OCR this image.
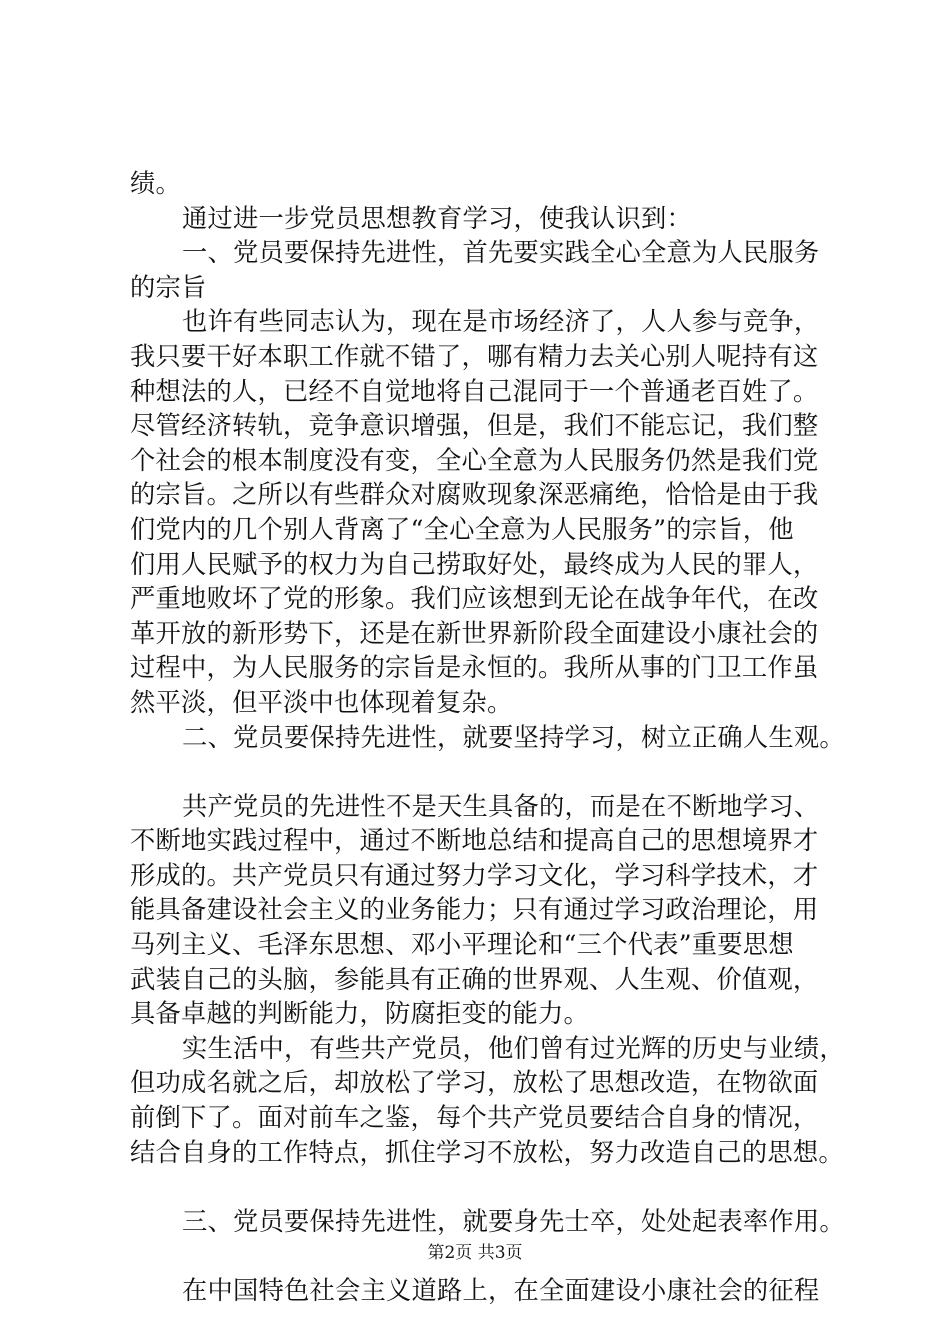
绩。
通过进一步党员思想教育学习，使我认识到：
一、党员要保持先进性，首先要实践全心全意为人民服务
的宗旨
也许有些同志认为，现在是市场经济了，人人参与竞争，
我只要干好本职工作就不错了，哪有精力去关心别人呢持有这
种想法的人，已经不自觉地将自己混同于一个普通老百姓了。
尽管经济转轨，竞争意识增强，但是，我们不能忘记，我们整
个社会的根本制度没有变，全心全意为人民服务仍然是我们党
的宗旨。之所以有些群众对腐败现象深恶痛绝，恰恰是由于我
们党内的几个别人背离了“全心全意为人民服务”的宗旨，他
们用人民赋予的权力为自己捞取好处，最终成为人民的罪人，
严重地败坏了党的形象。我们应该想到无论在战争年代，在改
革开放的新形势下，还是在新世界新阶段全面建设小康社会的
过程中，为人民服务的宗旨是永恒的。我所从事的门卫工作虽
然平淡，但平淡中也体现着复杂。
二、党员要保持先进性，就要坚持学习，树立正确人生观。
共产党员的先进性不是天生具备的，而是在不断地学习、
不断地实践过程中，通过不断地总结和提高自己的思想境界才
形成的。共产党员只有通过努力学习文化，学习科学技术，才
能具备建设社会主义的业务能力；只有通过学习政治理论，用
马列主义、毛泽东思想、邓小平理论和“三个代表”重要思想
武装自己的头脑，参能具有正确的世界观、人生观、价值观，
具备卓越的判断能力，防腐拒变的能力。
实生活中，有些共产党员，他们曾有过光辉的历史与业绩，
但功成名就之后，却放松了学习，放松了思想改造，在物欲面
前倒下了。面对前车之鉴，每个共产党员要结合自身的情况，
结合自身的工作特点，抓住学习不放松，努力改造自己的思想。
三、党员要保持先进性，就要身先士卒，处处起表率作用。
在中国特色社会主义道路上，在全面建设小康社会的征程
第2页 共3页
